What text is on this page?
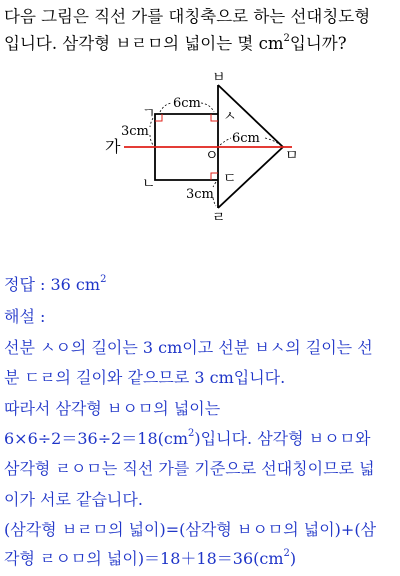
다음 그림은 직선 가를 대칭축으로 하는 선대칭도형
입니다. 삼각형 ㅂㄹㅁ의 넓이는 몇 $cm^2$입니까?
가
ㄱ
ㅂ
ㅅ
ㅇ	ㅁ
ㄴ	ㄷ
ㄹ
6cm
3cm	6cm
3cm
정답 : 36 $cm^2$
해설 :
선분 ㅅㅇ의 길이는 3 cm이고 선분 ㅂㅅ의 길이는 선
분 ㄷㄹ의 길이와 같으므로 3 cm입니다.
따라서 삼각형 ㅂㅇㅁ의 넓이는
$6\times 6\div 2=36\div 2=18(cm^2)$입니다. 삼각형 ㅂㅇㅁ와
삼각형 ㄹㅇㅁ는 직선 가를 기준으로 선대칭이므로 넓
이가 서로 같습니다.
(삼각형 ㅂㄹㅁ의 넓이)=(삼각형 ㅂㅇㅁ의 넓이)+(삼
각형 ㄹㅇㅁ의 넓이)$=18+18=36(cm^2)$
